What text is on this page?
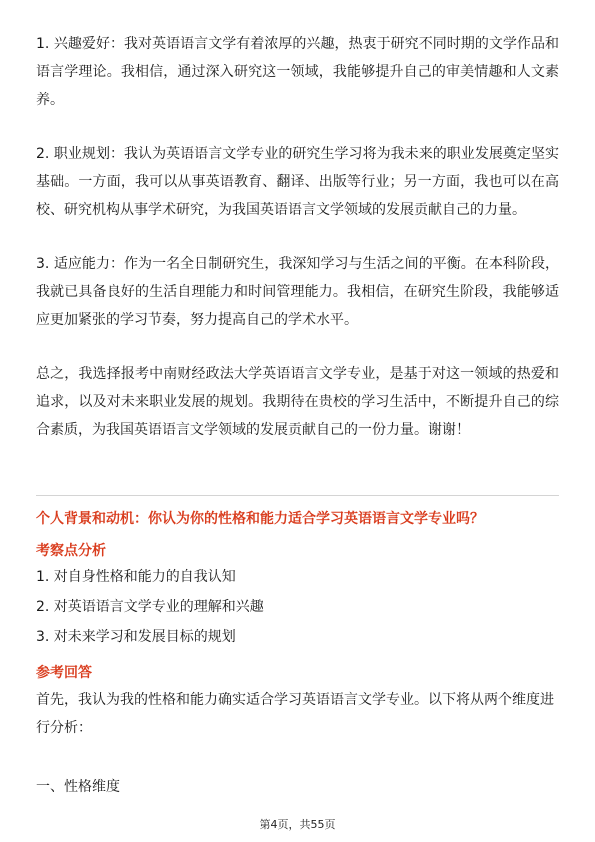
1. 兴趣爱好：我对英语语言文学有着浓厚的兴趣，热衷于研究不同时期的文学作品和语言学理论。我相信，通过深入研究这一领域，我能够提升自己的审美情趣和人文素养。

2. 职业规划：我认为英语语言文学专业的研究生学习将为我未来的职业发展奠定坚实基础。一方面，我可以从事英语教育、翻译、出版等行业；另一方面，我也可以在高校、研究机构从事学术研究，为我国英语语言文学领域的发展贡献自己的力量。

3. 适应能力：作为一名全日制研究生，我深知学习与生活之间的平衡。在本科阶段，我就已具备良好的生活自理能力和时间管理能力。我相信，在研究生阶段，我能够适应更加紧张的学习节奏，努力提高自己的学术水平。

总之，我选择报考中南财经政法大学英语语言文学专业，是基于对这一领域的热爱和追求，以及对未来职业发展的规划。我期待在贵校的学习生活中，不断提升自己的综合素质，为我国英语语言文学领域的发展贡献自己的一份力量。谢谢！

个人背景和动机：你认为你的性格和能力适合学习英语语言文学专业吗？

考察点分析

1. 对自身性格和能力的自我认知

2. 对英语语言文学专业的理解和兴趣

3. 对未来学习和发展目标的规划

参考回答

首先，我认为我的性格和能力确实适合学习英语语言文学专业。以下将从两个维度进行分析：

一、性格维度

第4页，共55页
